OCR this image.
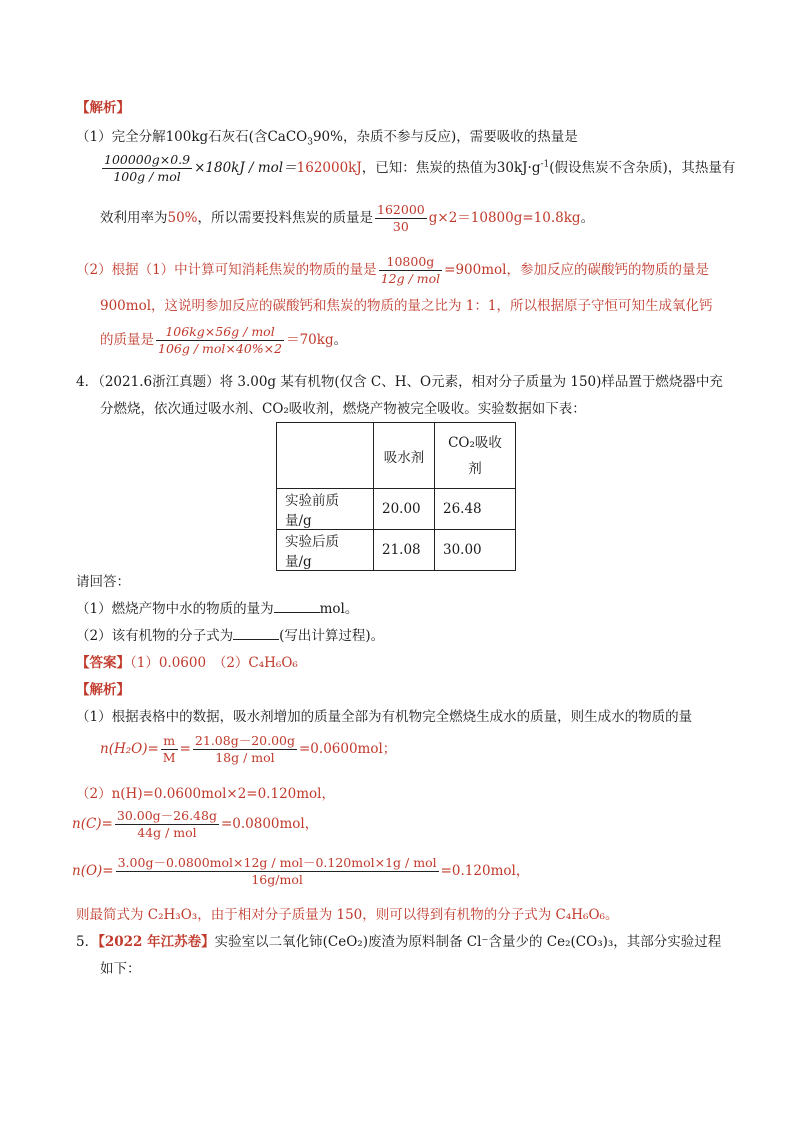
【解析】
（1）完全分解100kg石灰石(含CaCO$_3$90%，杂质不参与反应)，需要吸收的热量是
$\frac{100000g\times 0.9}{\text{100g / mol}} \times 180kJ / mol=162000kJ$，已知：焦炭的热值为$30kJ\cdot g^{-1}$(假设焦炭不含杂质)，其热量有
效利用率为50%，所以需要投料焦炭的质量是 $\frac{162000}{30} g\times 2=10800g=10.8kg$。
（2）根据（1）中计算可知消耗焦炭的物质的量是 $\frac{10800g}{\text{12g / mol}} =900mol$，参加反应的碳酸钙的物质的量是
900mol，这说明参加反应的碳酸钙和焦炭的物质的量之比为 1：1，所以根据原子守恒可知生成氧化钙
的质量是 $\frac{\text{106kg×56g / mol}}{\text{106g / mol×40\%×2}} =70kg$。
4．（2021.6浙江真题）将 3.00g 某有机物(仅含 C、H、O元素，相对分子质量为 150)样品置于燃烧器中充
分燃烧，依次通过吸水剂、CO₂吸收剂，燃烧产物被完全吸收。实验数据如下表：
	吸水剂	CO₂吸收
剂
实验前质量/g	20.00	26.48
实验后质量/g	21.08	30.00
请回答：
（1）燃烧产物中水的物质的量为	mol。
（2）该有机物的分子式为	(写出计算过程)。
【答案】（1）0.0600　（2）C₄H₆O₆
【解析】
（1）根据表格中的数据，吸水剂增加的质量全部为有机物完全燃烧生成水的质量，则生成水的物质的量
$n(H_2O)= \frac{m}{M} = \frac{21.08g-20.00g}{\text{18g / mol}} =0.0600mol$；
（2）n(H)=0.0600mol×2=0.120mol，
$n(C)= \frac{30.00g-26.48g}{\text{44g / mol}} =0.0800mol$，
$n(O)= \frac{\text{3.00g－0.0800mol×12g / mol－0.120mol×1g / mol}}{\text{16g/mol}} =0.120mol$，
则最简式为 C₂H₃O₃，由于相对分子质量为 150，则可以得到有机物的分子式为 C₄H₆O₆。
5．【2022 年江苏卷】实验室以二氧化铈(CeO₂)废渣为原料制备 Cl⁻含量少的 Ce₂(CO₃)₃，其部分实验过程
如下：
